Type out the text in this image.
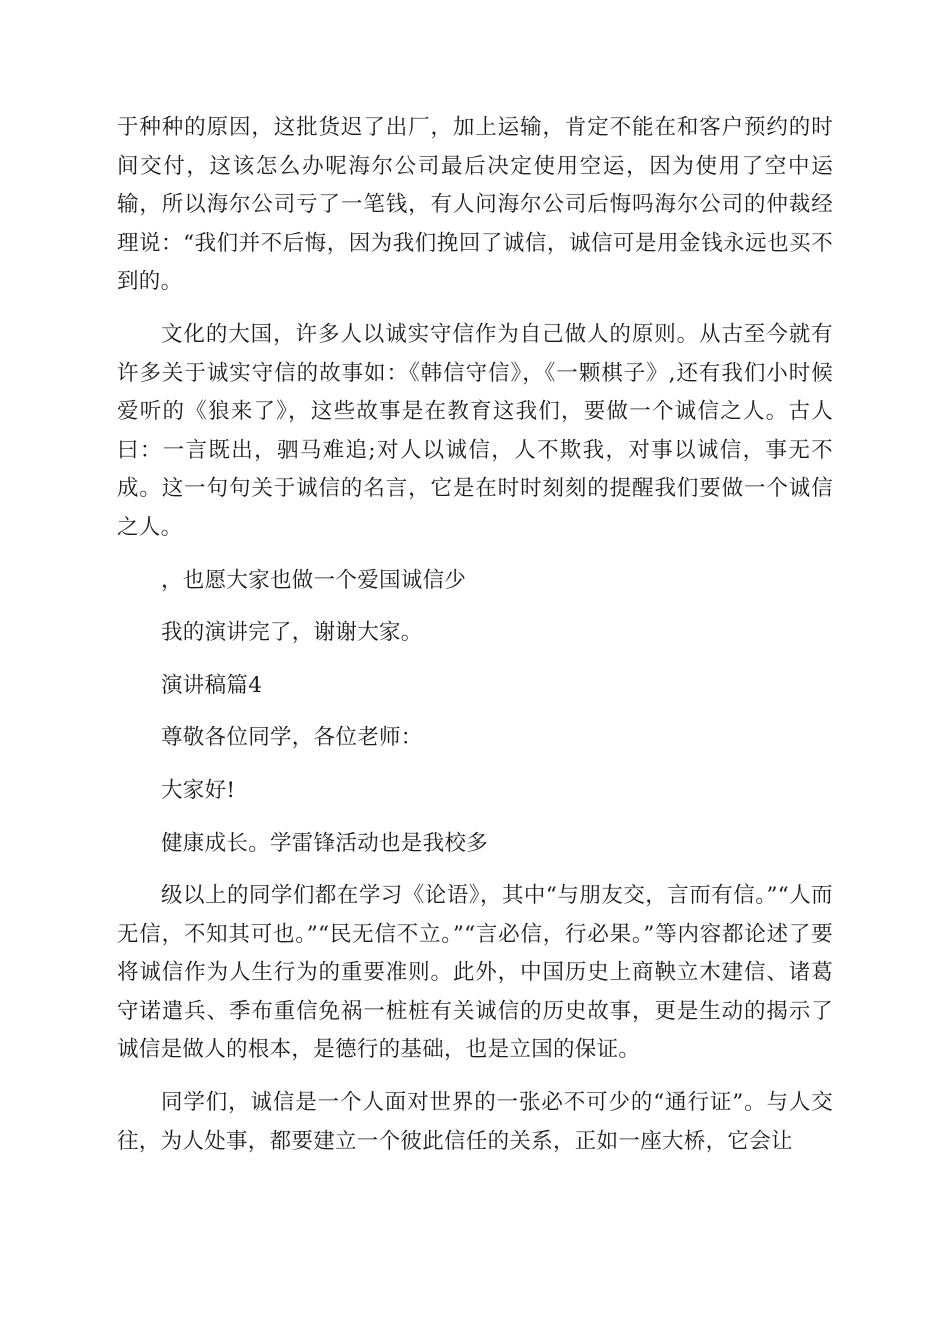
于种种的原因，这批货迟了出厂，加上运输，肯定不能在和客户预约的时间交付，这该怎么办呢海尔公司最后决定使用空运，因为使用了空中运输，所以海尔公司亏了一笔钱，有人问海尔公司后悔吗海尔公司的仲裁经理说：“我们并不后悔，因为我们挽回了诚信，诚信可是用金钱永远也买不到的。

文化的大国，许多人以诚实守信作为自己做人的原则。从古至今就有许多关于诚实守信的故事如：《韩信守信》，《一颗棋子》,还有我们小时候爱听的《狼来了》，这些故事是在教育这我们，要做一个诚信之人。古人曰：一言既出，驷马难追;对人以诚信，人不欺我，对事以诚信，事无不成。这一句句关于诚信的名言，它是在时时刻刻的提醒我们要做一个诚信之人。

，也愿大家也做一个爱国诚信少

我的演讲完了，谢谢大家。

演讲稿篇4

尊敬各位同学，各位老师：

大家好!

健康成长。学雷锋活动也是我校多

级以上的同学们都在学习《论语》，其中“与朋友交，言而有信。”“人而无信，不知其可也。”“民无信不立。”“言必信，行必果。”等内容都论述了要将诚信作为人生行为的重要准则。此外，中国历史上商鞅立木建信、诸葛守诺遣兵、季布重信免祸一桩桩有关诚信的历史故事，更是生动的揭示了诚信是做人的根本，是德行的基础，也是立国的保证。

同学们，诚信是一个人面对世界的一张必不可少的“通行证”。与人交往，为人处事，都要建立一个彼此信任的关系，正如一座大桥，它会让
